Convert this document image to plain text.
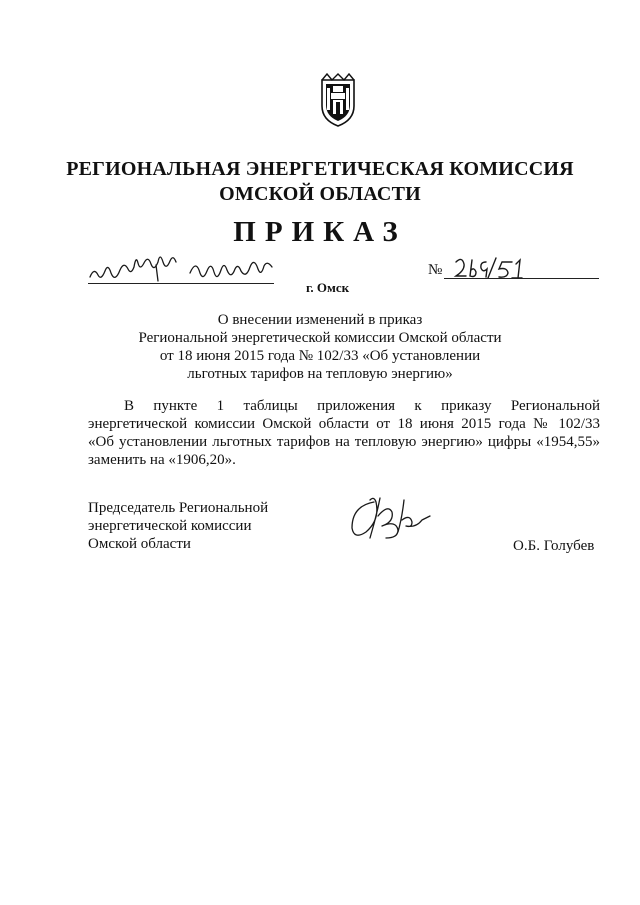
РЕГИОНАЛЬНАЯ ЭНЕРГЕТИЧЕСКАЯ КОМИССИЯ
ОМСКОЙ ОБЛАСТИ
ПРИКАЗ
22 сентября 2015 года
г. Омск
№
269/51
О внесении изменений в приказ
Региональной энергетической комиссии Омской области
от 18 июня 2015 года № 102/33 «Об установлении
льготных тарифов на тепловую энергию»
В пункте 1 таблицы приложения к приказу Региональной
энергетической комиссии Омской области от 18 июня 2015 года № 102/33
«Об установлении льготных тарифов на тепловую энергию» цифры «1954,55»
заменить на «1906,20».
Председатель Региональной
энергетической комиссии
Омской области	О.Б. Голубев
